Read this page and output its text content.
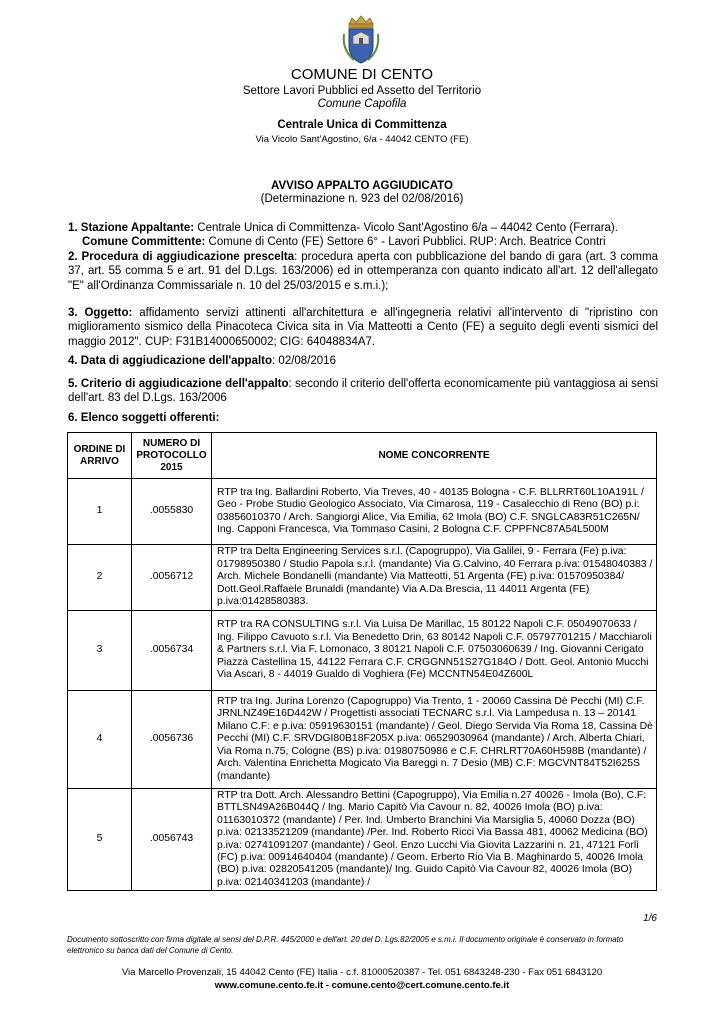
COMUNE DI CENTO
Settore Lavori Pubblici ed Assetto del Territorio
Comune Capofila
Centrale Unica di Committenza
Via Vicolo Sant'Agostino, 6/a - 44042 CENTO (FE)
AVVISO APPALTO AGGIUDICATO
(Determinazione n. 923 del 02/08/2016)
1. Stazione Appaltante: Centrale Unica di Committenza- Vicolo Sant'Agostino 6/a – 44042 Cento (Ferrara).
Comune Committente: Comune di Cento (FE) Settore 6° - Lavori Pubblici. RUP: Arch. Beatrice Contri
2. Procedura di aggiudicazione prescelta: procedura aperta con pubblicazione del bando di gara (art. 3 comma 37, art. 55 comma 5 e art. 91 del D.Lgs. 163/2006) ed in ottemperanza con quanto indicato all'art. 12 dell'allegato "E" all'Ordinanza Commissariale n. 10 del 25/03/2015 e s.m.i.);
3. Oggetto: affidamento servizi attinenti all'architettura e all'ingegneria relativi all'intervento di "ripristino con miglioramento sismico della Pinacoteca Civica sita in Via Matteotti a Cento (FE) a seguito degli eventi sismici del maggio 2012". CUP: F31B14000650002; CIG: 64048834A7.
4. Data di aggiudicazione dell'appalto: 02/08/2016
5. Criterio di aggiudicazione dell'appalto: secondo il criterio dell'offerta economicamente più vantaggiosa ai sensi dell'art. 83 del D.Lgs. 163/2006
6. Elenco soggetti offerenti:
ORDINE DI ARRIVO	NUMERO DI PROTOCOLLO 2015	NOME CONCORRENTE
1	.0055830	RTP tra Ing. Ballardini Roberto, Via Treves, 40 - 40135 Bologna - C.F. BLLRRT60L10A191L / Geo - Probe Studio Geologico Associato, Via Cimarosa, 119 - Casalecchio di Reno (BO) p.i: 03856010370 / Arch. Sangiorgi Alice, Via Emilia, 62 Imola (BO) C.F. SNGLCA83R51C265N/ Ing. Capponi Francesca, Via Tommaso Casini, 2 Bologna C.F. CPPFNC87A54L500M
2	.0056712	RTP tra Delta Engineering Services s.r.l. (Capogruppo), Via Galilei, 9 - Ferrara (Fe) p.iva: 01798950380 / Studio Papola s.r.l. (mandante) Via G.Calvino, 40 Ferrara p.iva: 01548040383 / Arch. Michele Bondanelli (mandante) Via Matteotti, 51 Argenta (FE) p.iva: 01570950384/ Dott.Geol.Raffaele Brunaldi (mandante) Via A.Da Brescia, 11 44011 Argenta (FE) p.iva:01428580383.
3	.0056734	RTP tra RA CONSULTING s.r.l. Via Luisa De Marillac, 15 80122 Napoli C.F. 05049070633 / Ing. Filippo Cavuoto s.r.l. Via Benedetto Drin, 63 80142 Napoli C.F. 05797701215 / Macchiaroli & Partners s.r.l. Via F. Lomonaco, 3 80121 Napoli C.F. 07503060639 / Ing. Giovanni Cerigato Piazza Castellina 15, 44122 Ferrara C.F. CRGGNN51S27G184O / Dott. Geol. Antonio Mucchi Via Ascari, 8 - 44019 Gualdo di Voghiera (Fe) MCCNTN54E04Z600L
4	.0056736	RTP tra Ing. Jurina Lorenzo (Capogruppo) Via Trento, 1 - 20060 Cassina Dè Pecchi (MI) C.F. JRNLNZ49E16D442W / Progettisti associati TECNARC s.r.l. Via Lampedusa n. 13 – 20141 Milano C.F: e p.iva: 05919630151 (mandante) / Geol. Diego Servida Via Roma 18, Cassina Dè Pecchi (MI) C.F. SRVDGI80B18F205X p.iva: 06529030964 (mandante) / Arch. Alberta Chiari, Via Roma n.75, Cologne (BS) p.iva: 01980750986 e C.F. CHRLRT70A60H598B (mandante) / Arch. Valentina Enrichetta Mogicato Via Bareggi n. 7 Desio (MB) C.F: MGCVNT84T52I625S (mandante)
5	.0056743	RTP tra Dott. Arch. Alessandro Bettini (Capogruppo), Via Emilia n.27 40026 - Imola (Bo), C.F: BTTLSN49A26B044Q / Ing. Mario Capitò Via Cavour n. 82, 40026 Imola (BO) p.iva: 01163010372 (mandante) / Per. Ind. Umberto Branchini Via Marsiglia 5, 40060 Dozza (BO) p.iva: 02133521209 (mandante) /Per. Ind. Roberto Ricci Via Bassa 481, 40062 Medicina (BO) p.iva: 02741091207 (mandante) / Geol. Enzo Lucchi Via Giovita Lazzarini n. 21, 47121 Forlì (FC) p.iva: 00914640404 (mandante) / Geom. Erberto Rio Via B. Maghinardo 5, 40026 Imola (BO) p.iva: 02820541205 (mandante)/ Ing. Guido Capitò Via Cavour 82, 40026 Imola (BO) p.iva: 02140341203 (mandante) /
1/6
Documento sottoscritto con firma digitale ai sensi del D.P.R. 445/2000 e dell'art. 20 del D. Lgs.82/2005 e s.m.i. Il documento originale è conservato in formato elettronico su banca dati del Comune di Cento.
Via Marcello Provenzali, 15 44042 Cento (FE) Italia - c.f. 81000520387 - Tel. 051 6843248-230 - Fax 051 6843120
www.comune.cento.fe.it - comune.cento@cert.comune.cento.fe.it
